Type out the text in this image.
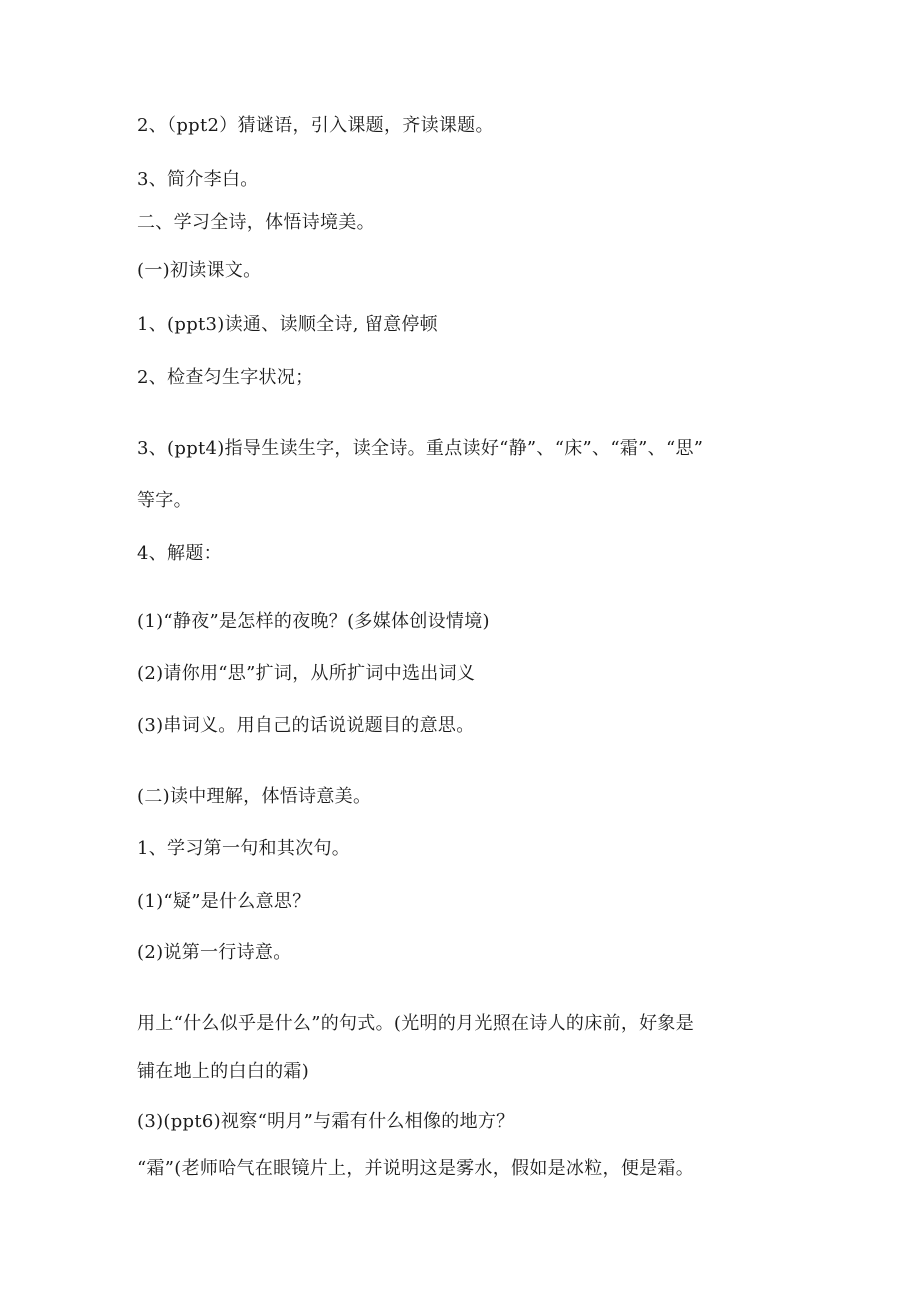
2、（ppt2）猜谜语，引入课题，齐读课题。
3、简介李白。
二、学习全诗，体悟诗境美。
(一)初读课文。
1、(ppt3)读通、读顺全诗, 留意停顿
2、检查匀生字状况；
3、(ppt4)指导生读生字，读全诗。重点读好“静”、“床”、“霜”、“思”
等字。
4、解题：
(1)“静夜”是怎样的夜晚？(多媒体创设情境)
(2)请你用“思”扩词，从所扩词中选出词义
(3)串词义。用自己的话说说题目的意思。
(二)读中理解，体悟诗意美。
1、学习第一句和其次句。
(1)“疑”是什么意思？
(2)说第一行诗意。
用上“什么似乎是什么”的句式。(光明的月光照在诗人的床前，好象是
铺在地上的白白的霜)
(3)(ppt6)视察“明月”与霜有什么相像的地方？
“霜”(老师哈气在眼镜片上，并说明这是雾水，假如是冰粒，便是霜。
